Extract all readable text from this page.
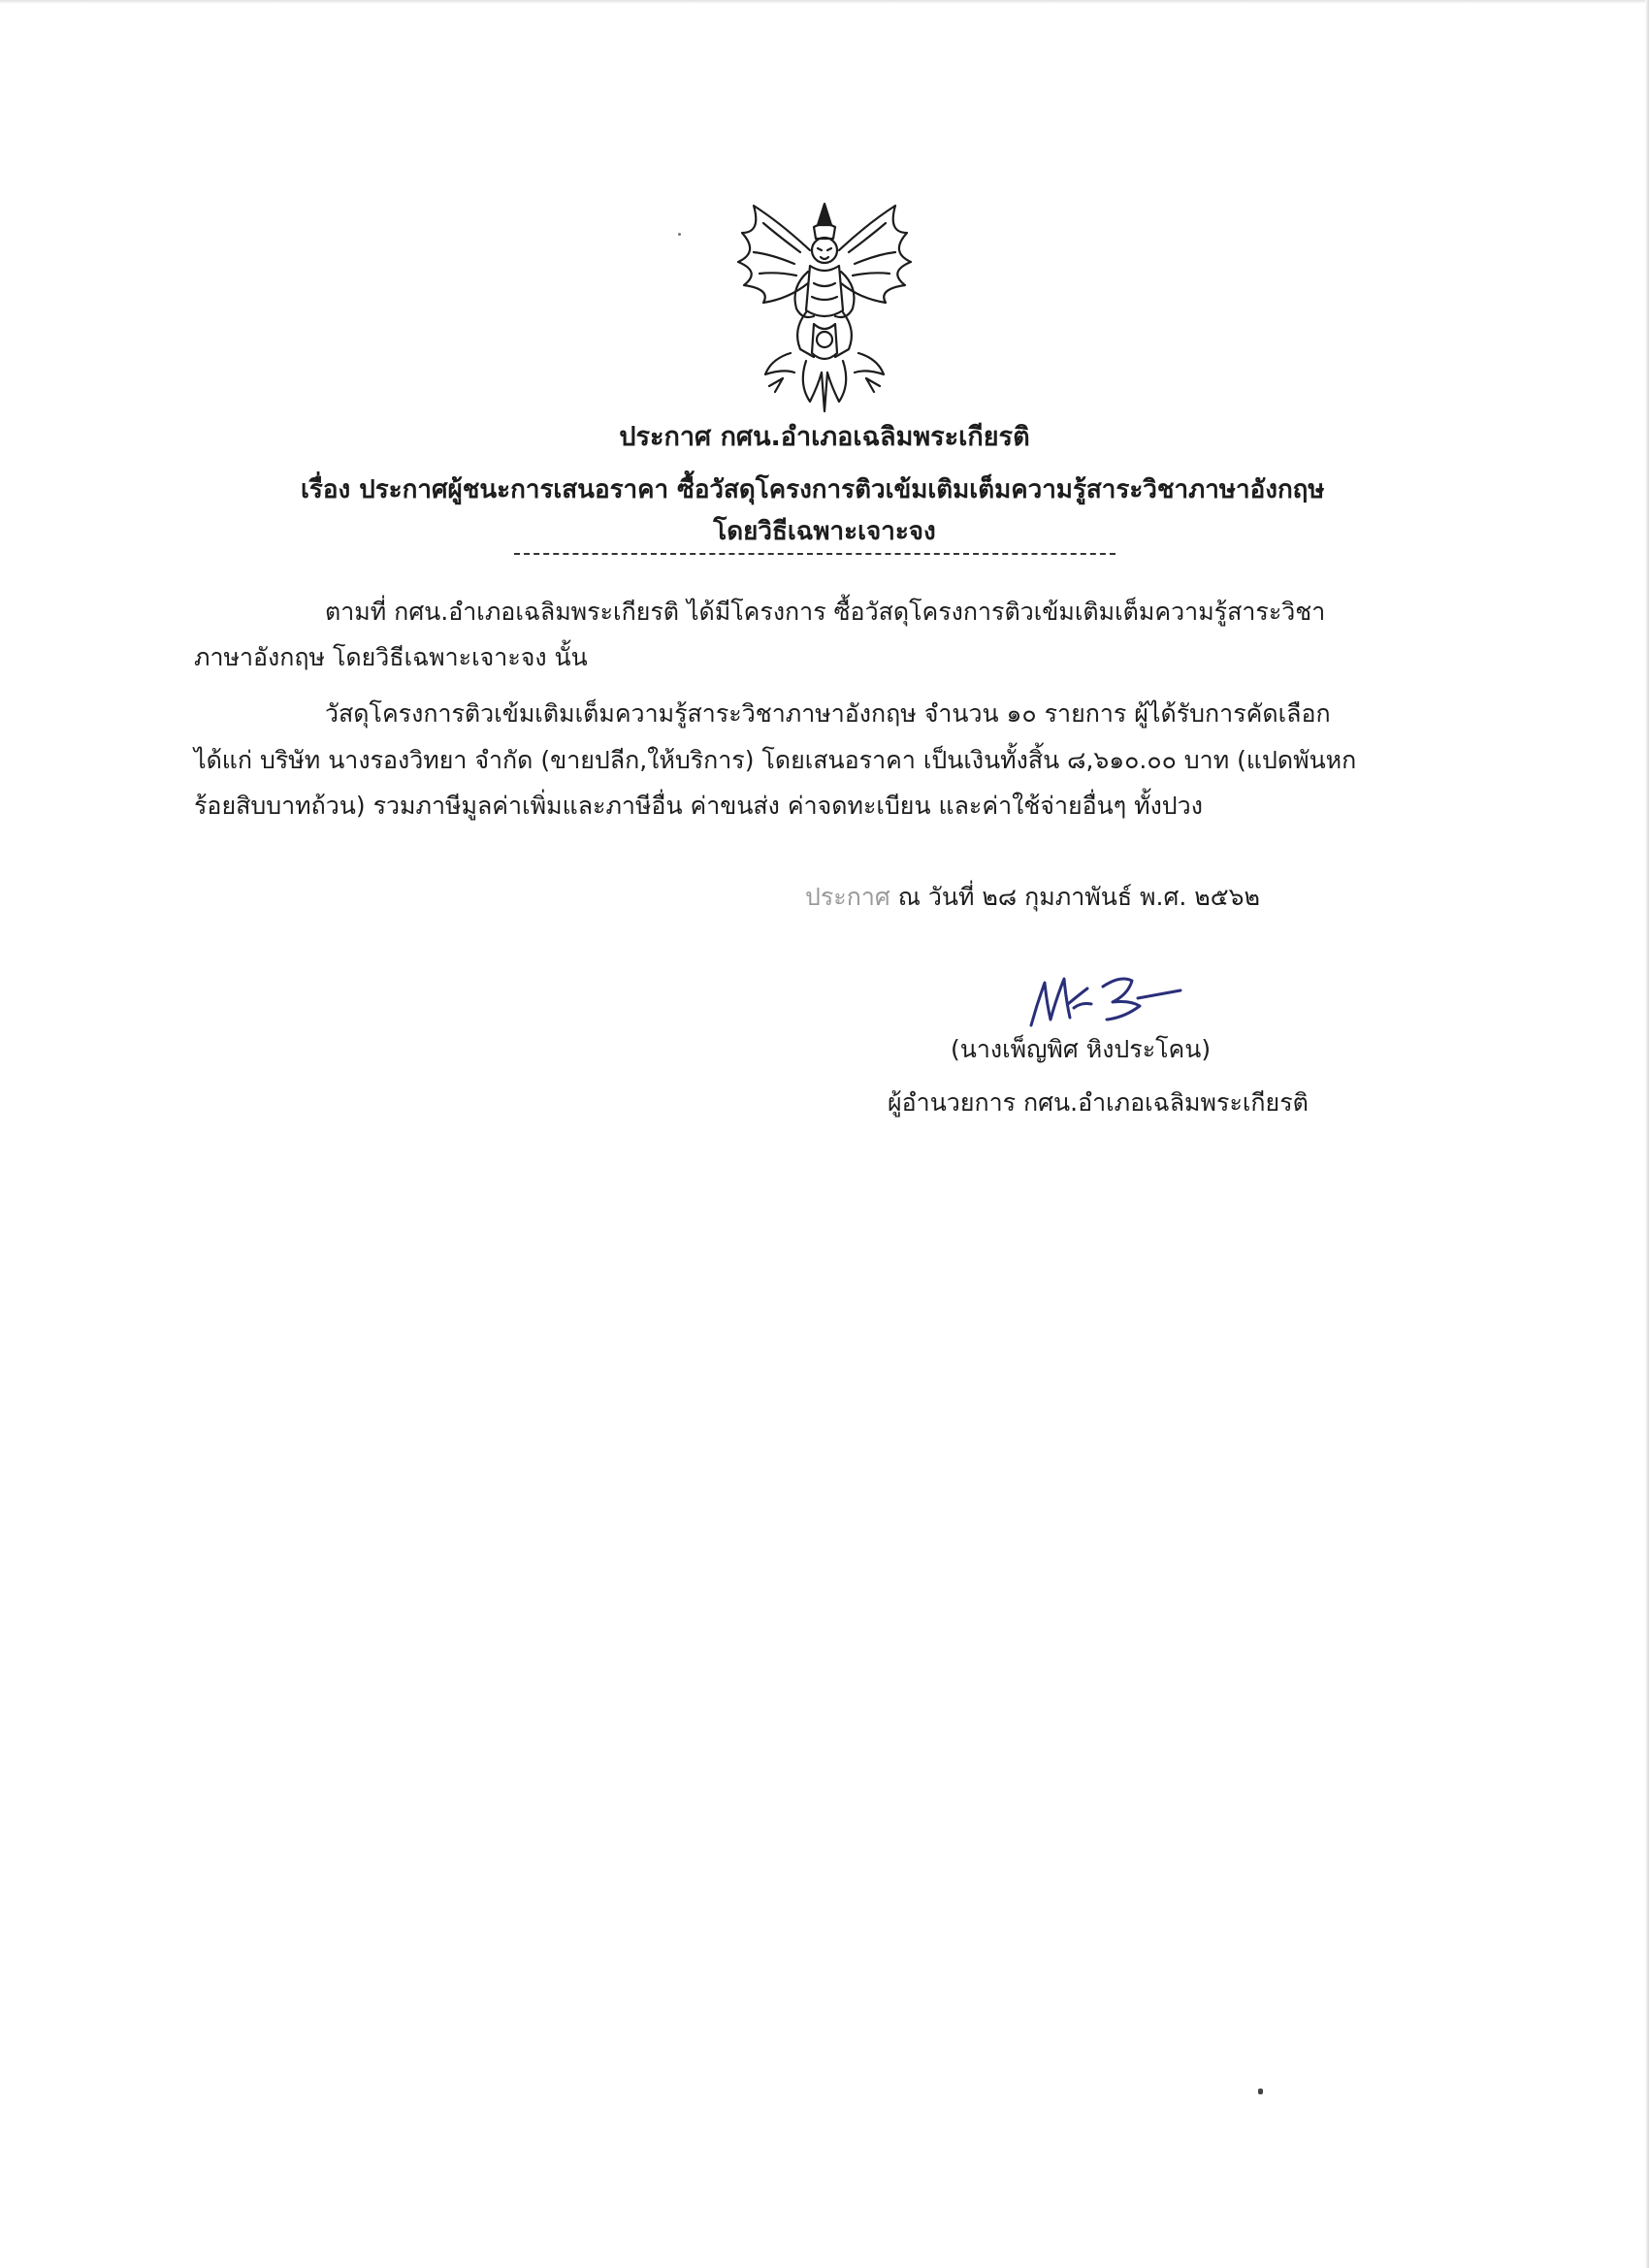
ประกาศ กศน.อำเภอเฉลิมพระเกียรติ
เรื่อง ประกาศผู้ชนะการเสนอราคา ซื้อวัสดุโครงการติวเข้มเติมเต็มความรู้สาระวิชาภาษาอังกฤษ
โดยวิธีเฉพาะเจาะจง
ตามที่ กศน.อำเภอเฉลิมพระเกียรติ ได้มีโครงการ ซื้อวัสดุโครงการติวเข้มเติมเต็มความรู้สาระวิชา
ภาษาอังกฤษ โดยวิธีเฉพาะเจาะจง นั้น
วัสดุโครงการติวเข้มเติมเต็มความรู้สาระวิชาภาษาอังกฤษ จำนวน ๑๐ รายการ ผู้ได้รับการคัดเลือก
ได้แก่ บริษัท นางรองวิทยา จำกัด (ขายปลีก,ให้บริการ) โดยเสนอราคา เป็นเงินทั้งสิ้น ๘,๖๑๐.๐๐ บาท (แปดพันหก
ร้อยสิบบาทถ้วน) รวมภาษีมูลค่าเพิ่มและภาษีอื่น ค่าขนส่ง ค่าจดทะเบียน และค่าใช้จ่ายอื่นๆ ทั้งปวง
ประกาศ ณ วันที่ ๒๘ กุมภาพันธ์ พ.ศ. ๒๕๖๒
(นางเพ็ญพิศ หิงประโคน)
ผู้อำนวยการ กศน.อำเภอเฉลิมพระเกียรติ
